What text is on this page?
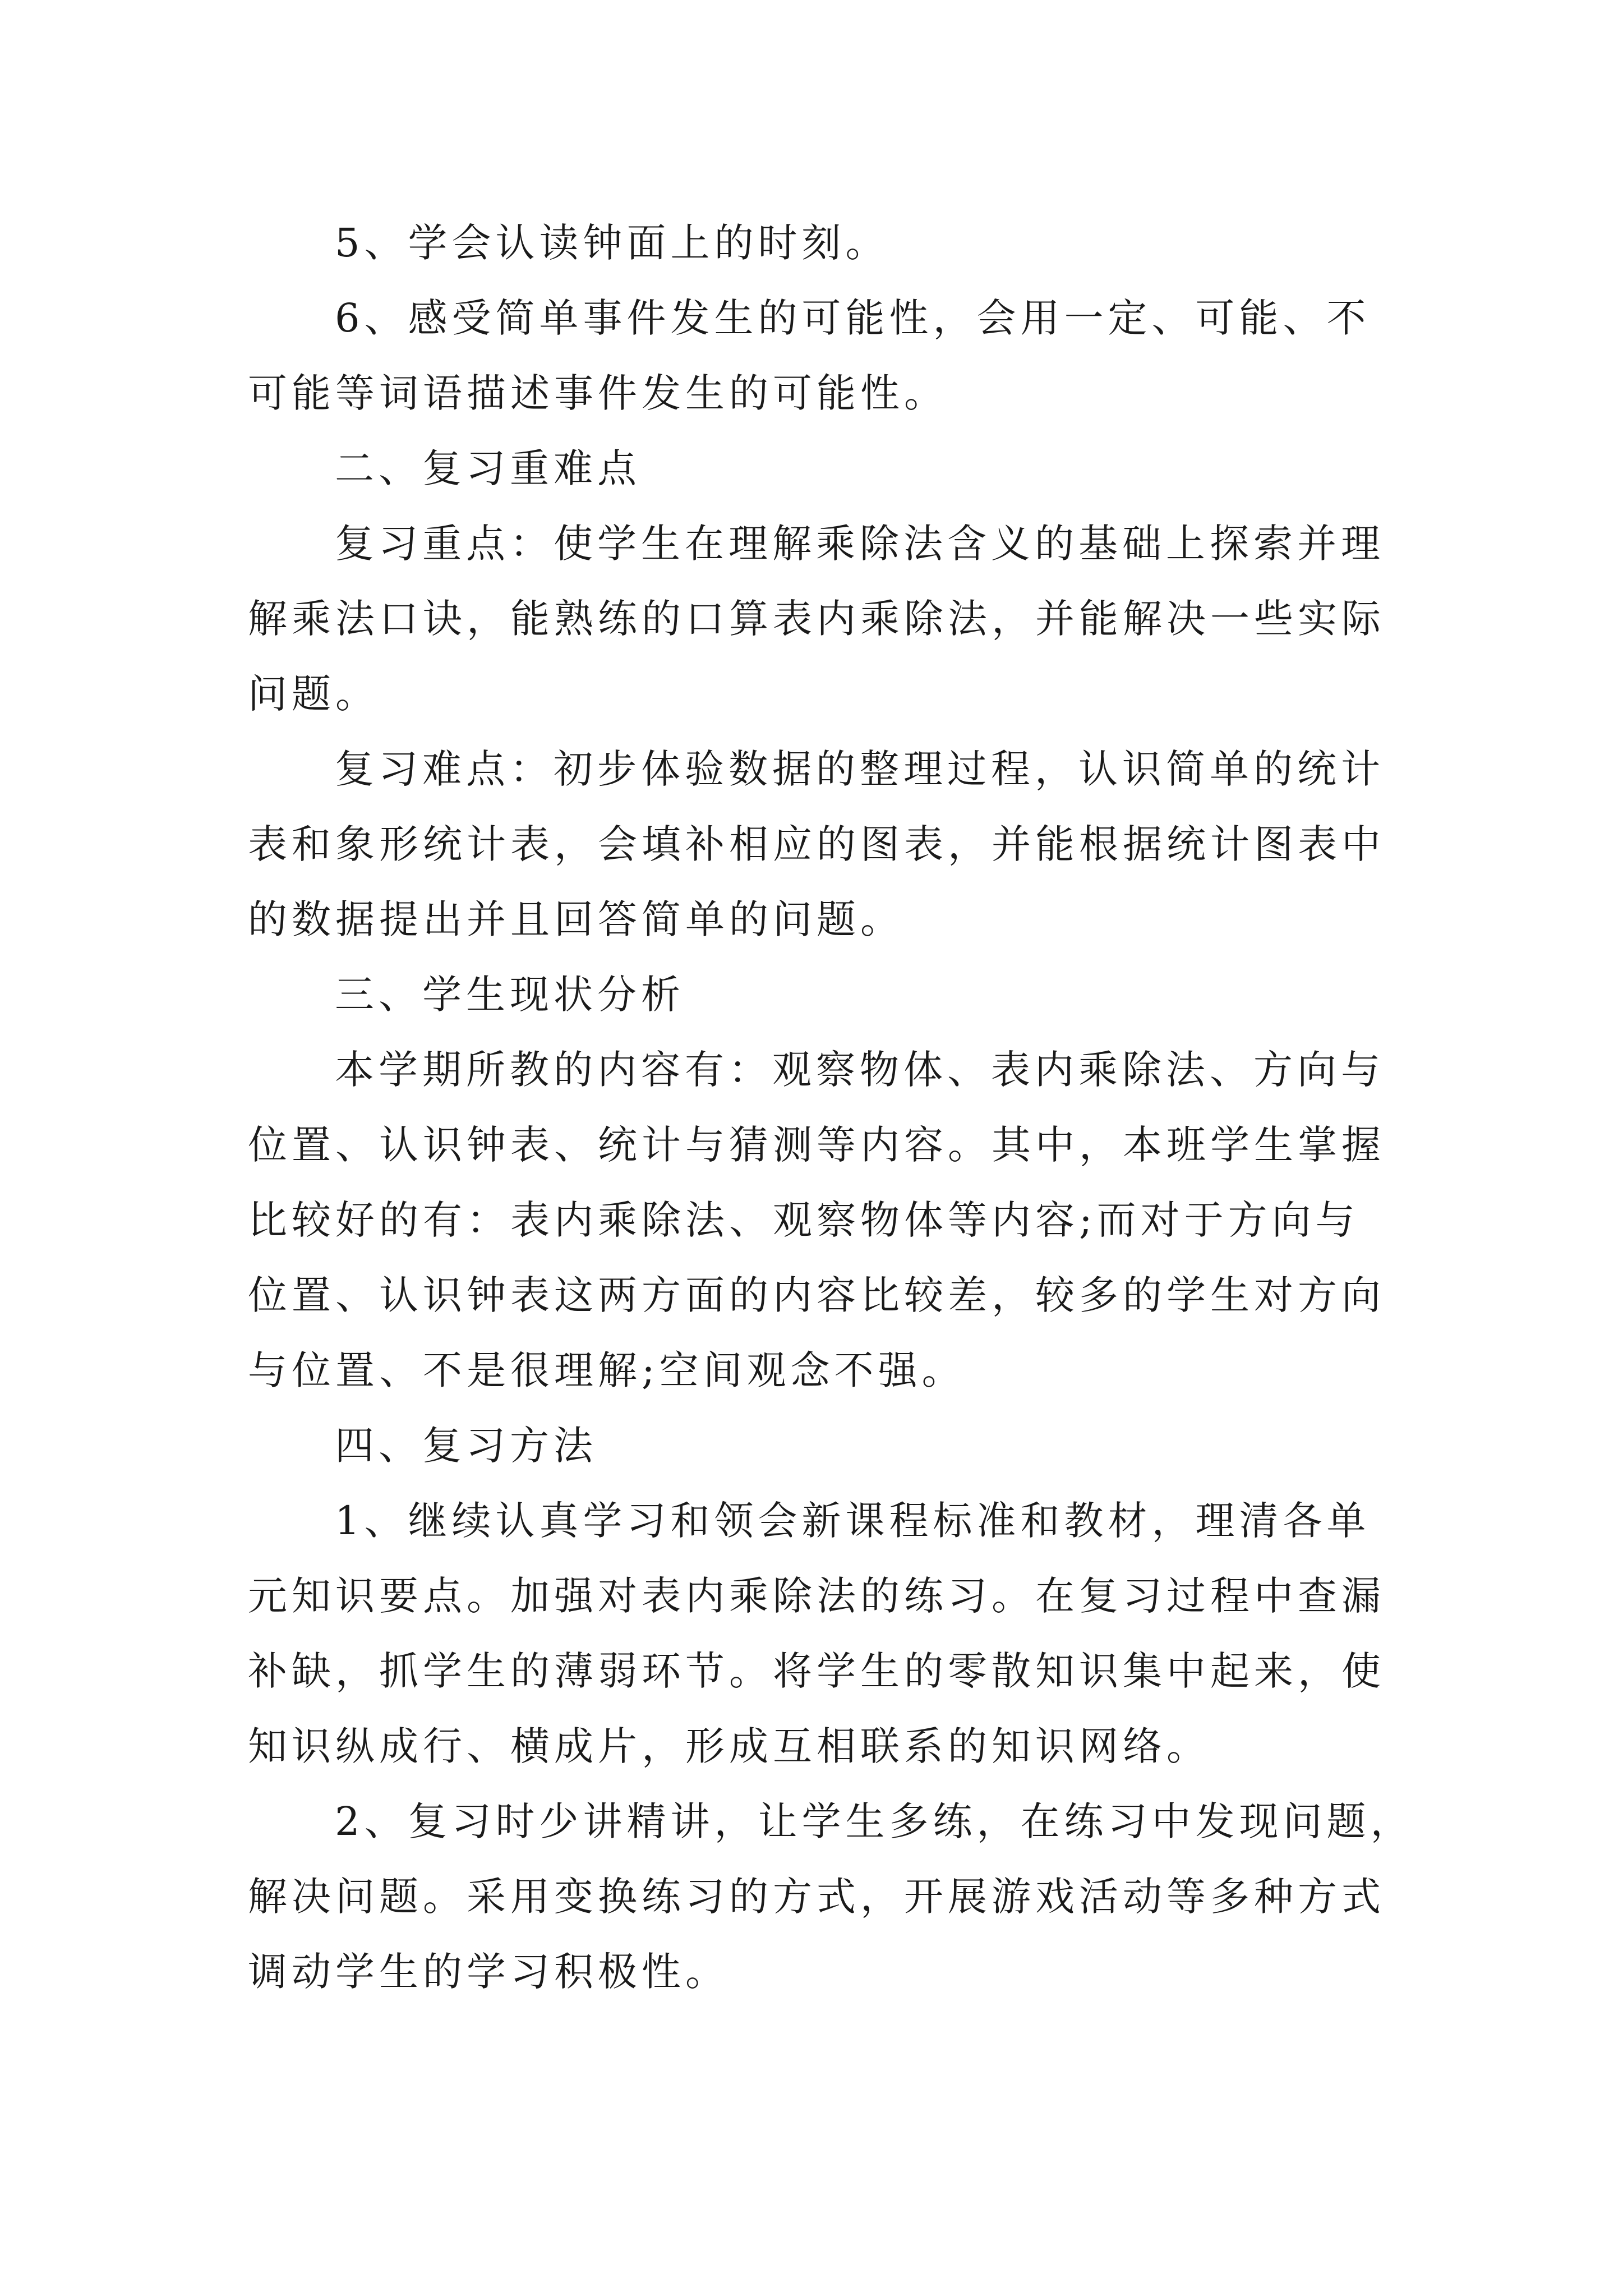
5、学会认读钟面上的时刻。
6、感受简单事件发生的可能性，会用一定、可能、不
可能等词语描述事件发生的可能性。
二、复习重难点
复习重点：使学生在理解乘除法含义的基础上探索并理
解乘法口诀，能熟练的口算表内乘除法，并能解决一些实际
问题。
复习难点：初步体验数据的整理过程，认识简单的统计
表和象形统计表，会填补相应的图表，并能根据统计图表中
的数据提出并且回答简单的问题。
三、学生现状分析
本学期所教的内容有：观察物体、表内乘除法、方向与
位置、认识钟表、统计与猜测等内容。其中，本班学生掌握
比较好的有：表内乘除法、观察物体等内容;而对于方向与
位置、认识钟表这两方面的内容比较差，较多的学生对方向
与位置、不是很理解;空间观念不强。
四、复习方法
1、继续认真学习和领会新课程标准和教材，理清各单
元知识要点。加强对表内乘除法的练习。在复习过程中查漏
补缺，抓学生的薄弱环节。将学生的零散知识集中起来，使
知识纵成行、横成片，形成互相联系的知识网络。
2、复习时少讲精讲，让学生多练，在练习中发现问题，
解决问题。采用变换练习的方式，开展游戏活动等多种方式
调动学生的学习积极性。
